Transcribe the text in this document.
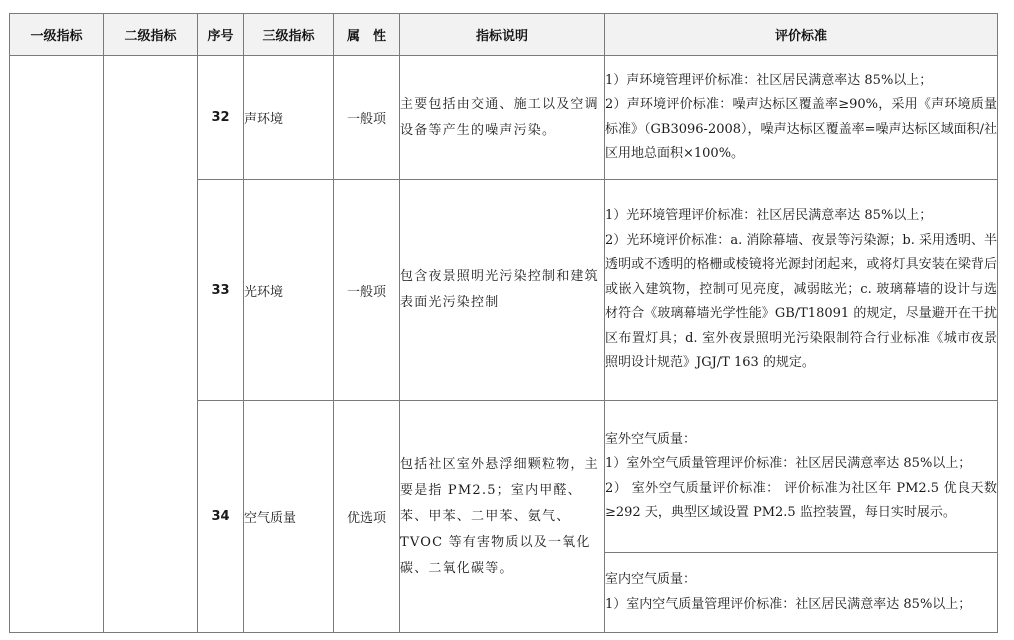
一级指标	二级指标	序号	三级指标	属　性	指标说明	评价标准
		32	声环境	一般项	主要包括由交通、施工以及空调设备等产生的噪声污染。	1）声环境管理评价标准：社区居民满意率达 85%以上；
2）声环境评价标准：噪声达标区覆盖率≥90%，采用《声环境质量标准》（GB3096-2008），噪声达标区覆盖率=噪声达标区域面积/社区用地总面积×100%。

		33	光环境	一般项	包含夜景照明光污染控制和建筑表面光污染控制	1）光环境管理评价标准：社区居民满意率达 85%以上；
2）光环境评价标准：a. 消除幕墙、夜景等污染源；b. 采用透明、半透明或不透明的格栅或棱镜将光源封闭起来，或将灯具安装在梁背后或嵌入建筑物，控制可见亮度，减弱眩光；c. 玻璃幕墙的设计与选材符合《玻璃幕墙光学性能》GB/T18091 的规定，尽量避开在干扰区布置灯具；d. 室外夜景照明光污染限制符合行业标准《城市夜景照明设计规范》JGJ/T 163 的规定。

		34	空气质量	优选项	包括社区室外悬浮细颗粒物，主要是指 PM2.5；室内甲醛、苯、甲苯、二甲苯、氨气、TVOC 等有害物质以及一氧化碳、二氧化碳等。	室外空气质量：
1）室外空气质量管理评价标准：社区居民满意率达 85%以上；
2） 室外空气质量评价标准： 评价标准为社区年 PM2.5 优良天数≥292 天，典型区域设置 PM2.5 监控装置，每日实时展示。

						室内空气质量：
1）室内空气质量管理评价标准：社区居民满意率达 85%以上；
